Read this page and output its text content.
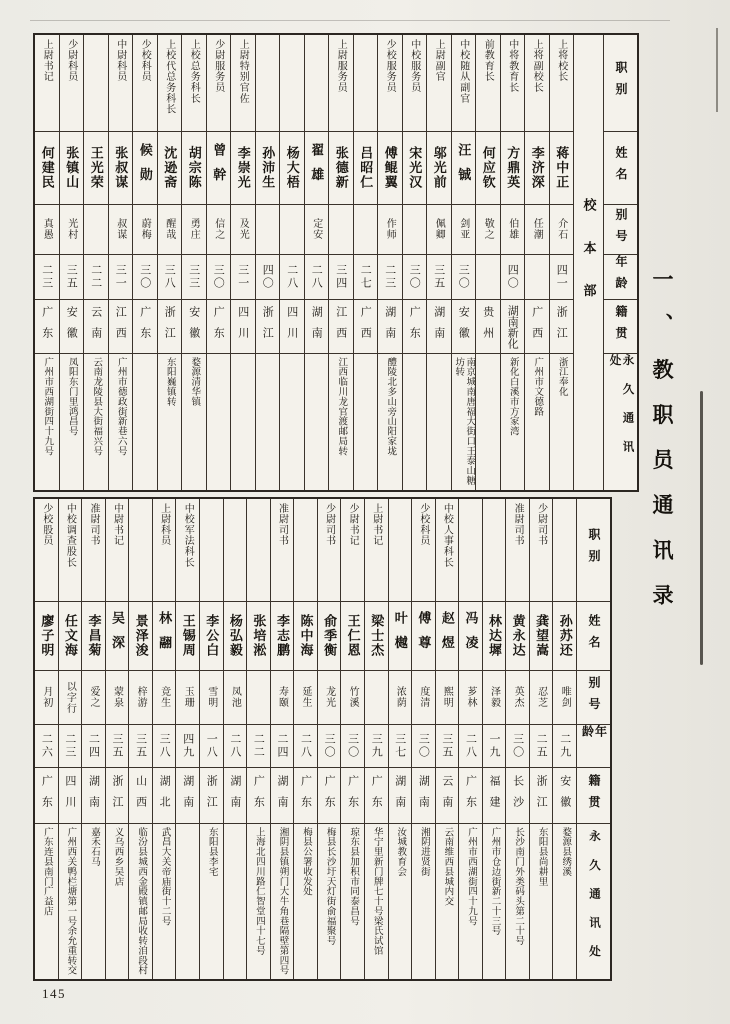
职别
姓名
别号
年龄
籍贯
永久通讯处
校本部
上将校长
蒋中正
介石
四一
浙江
浙江奉化
上将副校长
李济深
任潮
广西
广州市文德路
中将教育长
方鼎英
伯雄
四〇
湖南新化
新化白溪市方家湾
前教育长
何应钦
敬之
贵州
中校随从副官
汪铖
剑亚
三〇
安徽
南京城南唐福大街口王泰山糖坊转
上尉副官
邬光前
佩卿
三五
湖南
中校服务员
宋光汉
三〇
广东
少校服务员
傅鲲翼
作师
二三
湖南
醴陵北多山旁山阳家垅
吕昭仁
二七
广西
上尉服务员
张德新
三四
江西
江西临川龙官渡邮局转
翟雄
定安
二八
湖南
杨大梧
二八
四川
孙沛生
四〇
浙江
上尉特别官佐
李崇光
及光
三一
四川
少尉服务员
曾幹
信之
三〇
广东
上校总务科长
胡宗陈
勇庄
三三
安徽
婺源清华镇
上校代总务科长
沈逊斋
醒哉
三八
浙江
东阳巍镇转
少校科员
候勋
蔚梅
三〇
广东
中尉科员
张叔谋
叔谋
三一
江西
广州市德政街新巷六号
王光荣
二二
云南
云南龙陵县大街福兴号
少尉科员
张镇山
光村
三五
安徽
凤阳东门里鸿昌号
上尉书记
何建民
真愚
二三
广东
广州市西湖街四十九号
职别
姓名
别号
年龄
籍贯
永久通讯处
孙苏还
唯剑
二九
安徽
婺源县绣溪
少尉司书
龚望嵩
忍芝
二五
浙江
东阳县尚耕里
准尉司书
黄永达
英杰
三〇
长沙
长沙南门外类码头第二十号
林达墀
泽毅
一九
福建
广州市仓边街新二十三号
冯凌
芗林
二八
广东
广州市西湖街四十九号
中校人事科长
赵煜
熙明
三五
云南
云南维西县城内交
少校科员
傅尊
度清
三〇
湖南
湘阴进贤街
叶樾
浓荫
三七
湖南
汝城教育会
上尉书记
梁士杰
三九
广东
华宁里新门牌七十号梁氏试馆
少尉书记
王仁恩
竹溪
三〇
广东
琼东县加积市同泰昌号
少尉司书
俞季衡
龙光
三〇
广东
梅县长沙圩天灯街俞福聚号
陈中海
延生
二八
广东
梅县公署收发处
准尉司书
李志鹏
寿颐
二四
湖南
湘阴县镇朔门大牛角巷隔壁第四号
张培淞
二二
广东
上海北四川路仁智堂四十七号
杨弘毅
凤池
二八
湖南
李公白
雪明
一八
浙江
东阳县李宅
中校军法科长
王锡周
玉珊
四九
湖南
上尉科员
林翮
竞生
三八
湖北
武昌大关帝庙街十二号
景泽浚
梓游
三五
山西
临汾县城西金殿镇邮局收转洎段村
中尉书记
吴深
蒙泉
三五
浙江
义乌西乡吴店
准尉司书
李昌菊
爱之
二四
湖南
嘉禾石马
中校调查股长
任文海
以字行
二三
四川
广州西关鸭栏塘第一号余允重转交
少校股员
廖子明
月初
二六
广东
广东连县南门广益店
一、教职员通讯录
145
